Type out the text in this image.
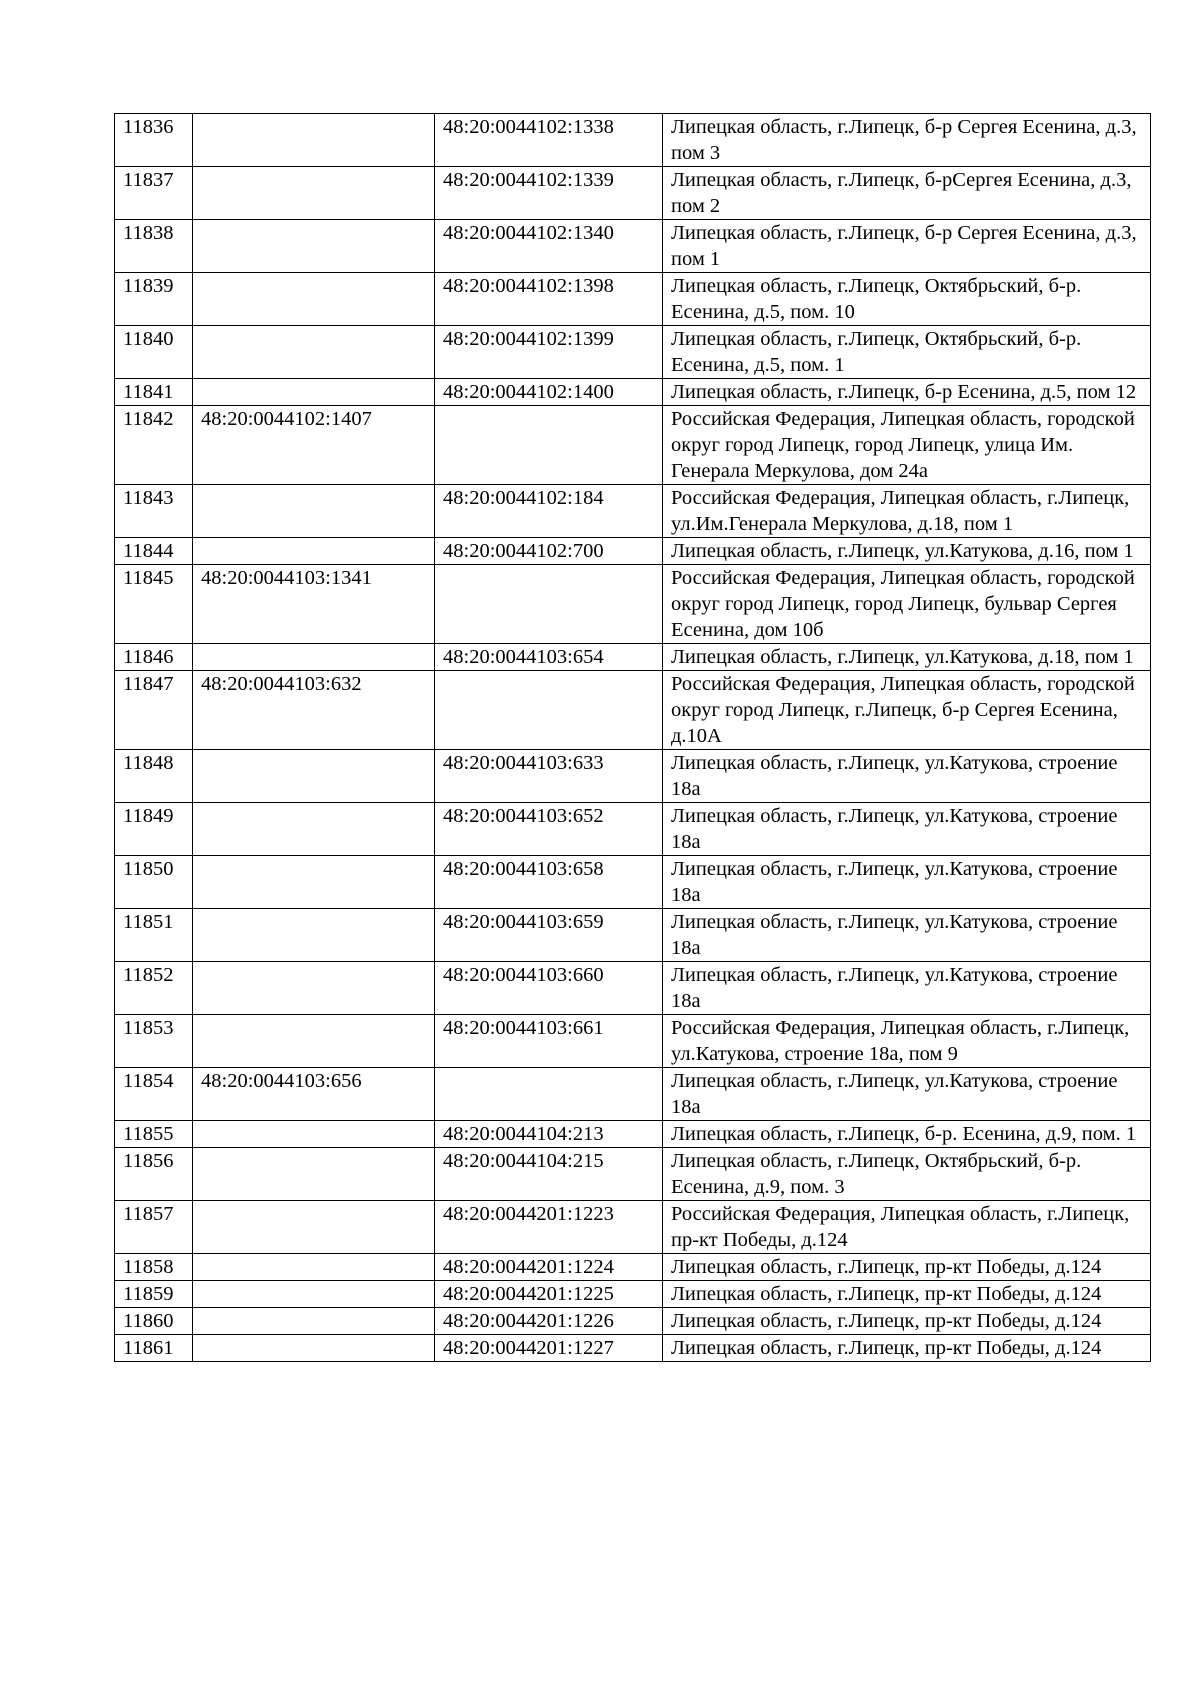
11836		48:20:0044102:1338	Липецкая область, г.Липецк, б-р Сергея Есенина, д.3, пом 3
11837		48:20:0044102:1339	Липецкая область, г.Липецк, б-рСергея Есенина, д.3, пом 2
11838		48:20:0044102:1340	Липецкая область, г.Липецк, б-р Сергея Есенина, д.3, пом 1
11839		48:20:0044102:1398	Липецкая область, г.Липецк, Октябрьский, б-р. Есенина, д.5, пом. 10
11840		48:20:0044102:1399	Липецкая область, г.Липецк, Октябрьский, б-р. Есенина, д.5, пом. 1
11841		48:20:0044102:1400	Липецкая область, г.Липецк, б-р Есенина, д.5, пом 12
11842	48:20:0044102:1407		Российская Федерация, Липецкая область, городской округ город Липецк, город Липецк, улица Им. Генерала Меркулова, дом 24а
11843		48:20:0044102:184	Российская Федерация, Липецкая область, г.Липецк, ул.Им.Генерала Меркулова, д.18, пом 1
11844		48:20:0044102:700	Липецкая область, г.Липецк, ул.Катукова, д.16, пом 1
11845	48:20:0044103:1341		Российская Федерация, Липецкая область, городской округ город Липецк, город Липецк, бульвар Сергея Есенина, дом 10б
11846		48:20:0044103:654	Липецкая область, г.Липецк, ул.Катукова, д.18, пом 1
11847	48:20:0044103:632		Российская Федерация, Липецкая область, городской округ город Липецк, г.Липецк, б-р Сергея Есенина, д.10А
11848		48:20:0044103:633	Липецкая область, г.Липецк, ул.Катукова, строение 18а
11849		48:20:0044103:652	Липецкая область, г.Липецк, ул.Катукова, строение 18а
11850		48:20:0044103:658	Липецкая область, г.Липецк, ул.Катукова, строение 18а
11851		48:20:0044103:659	Липецкая область, г.Липецк, ул.Катукова, строение 18а
11852		48:20:0044103:660	Липецкая область, г.Липецк, ул.Катукова, строение 18а
11853		48:20:0044103:661	Российская Федерация, Липецкая область, г.Липецк, ул.Катукова, строение 18а, пом 9
11854	48:20:0044103:656		Липецкая область, г.Липецк, ул.Катукова, строение 18а
11855		48:20:0044104:213	Липецкая область, г.Липецк, б-р. Есенина, д.9, пом. 1
11856		48:20:0044104:215	Липецкая область, г.Липецк, Октябрьский, б-р. Есенина, д.9, пом. 3
11857		48:20:0044201:1223	Российская Федерация, Липецкая область, г.Липецк, пр-кт Победы, д.124
11858		48:20:0044201:1224	Липецкая область, г.Липецк, пр-кт Победы, д.124
11859		48:20:0044201:1225	Липецкая область, г.Липецк, пр-кт Победы, д.124
11860		48:20:0044201:1226	Липецкая область, г.Липецк, пр-кт Победы, д.124
11861		48:20:0044201:1227	Липецкая область, г.Липецк, пр-кт Победы, д.124
